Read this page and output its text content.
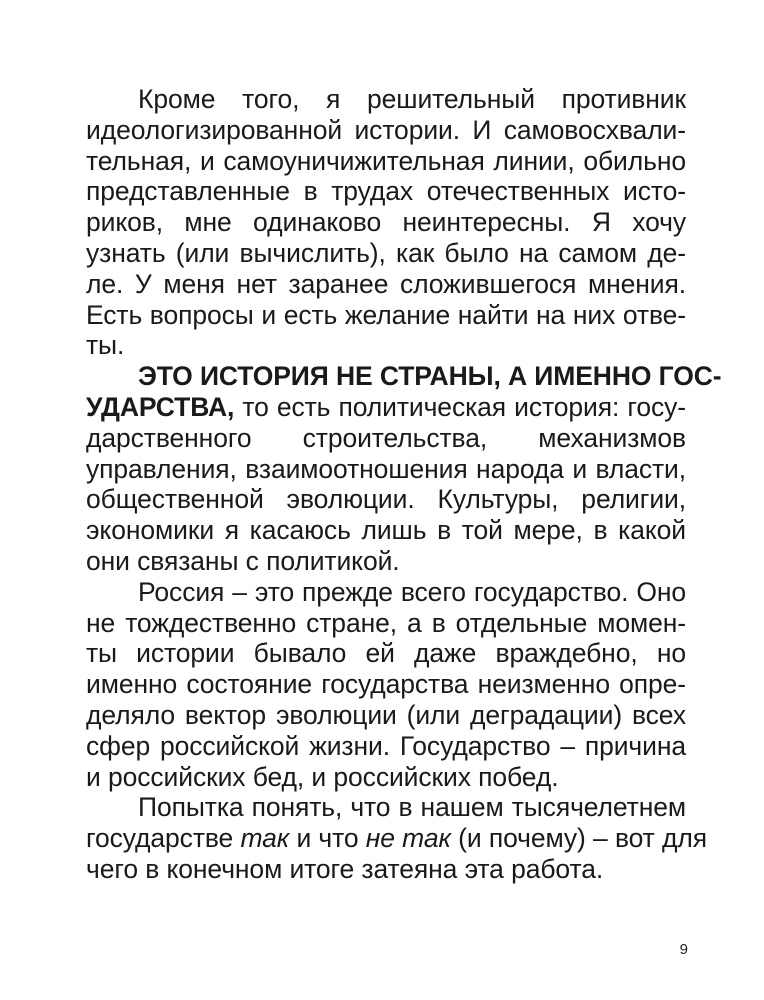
Кроме того, я решительный противник
идеологизированной истории. И самовосхвали-
тельная, и самоуничижительная линии, обильно
представленные в трудах отечественных исто-
риков, мне одинаково неинтересны. Я хочу
узнать (или вычислить), как было на самом де-
ле. У меня нет заранее сложившегося мнения.
Есть вопросы и есть желание найти на них отве-
ты.
ЭТО ИСТОРИЯ НЕ СТРАНЫ, А ИМЕННО ГОС-
УДАРСТВА, то есть политическая история: госу-
дарственного строительства, механизмов
управления, взаимоотношения народа и власти,
общественной эволюции. Культуры, религии,
экономики я касаюсь лишь в той мере, в какой
они связаны с политикой.
Россия – это прежде всего государство. Оно
не тождественно стране, а в отдельные момен-
ты истории бывало ей даже враждебно, но
именно состояние государства неизменно опре-
деляло вектор эволюции (или деградации) всех
сфер российской жизни. Государство – причина
и российских бед, и российских побед.
Попытка понять, что в нашем тысячелетнем
государстве так и что не так (и почему) – вот для
чего в конечном итоге затеяна эта работа.
9
